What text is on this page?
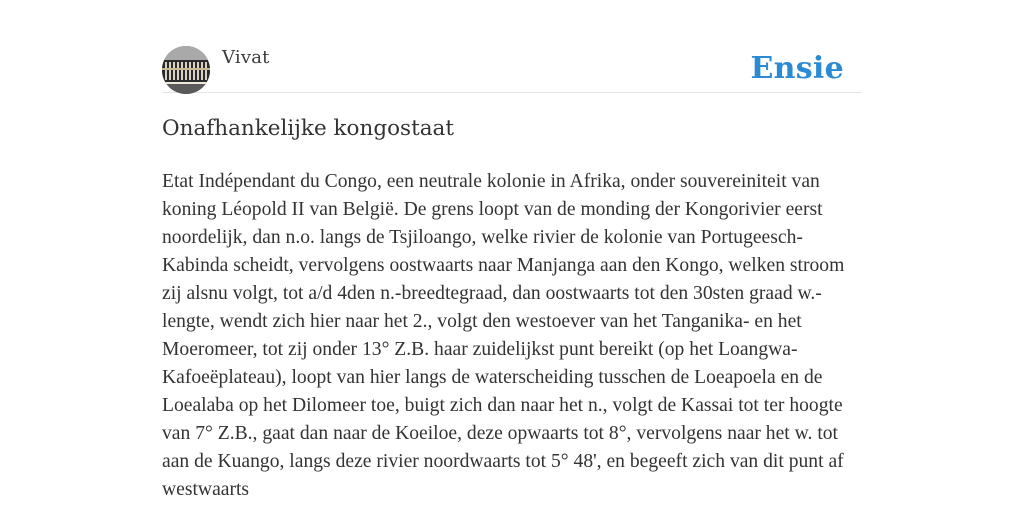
Vivat	Ensie
Onafhankelijke kongostaat

Etat Indépendant du Congo, een neutrale kolonie in Afrika, onder souvereiniteit van koning Léopold II van België. De grens loopt van de monding der Kongorivier eerst noordelijk, dan n.o. langs de Tsjiloango, welke rivier de kolonie van Portugeesch-Kabinda scheidt, vervolgens oostwaarts naar Manjanga aan den Kongo, welken stroom zij alsnu volgt, tot a/d 4den n.-breedtegraad, dan oostwaarts tot den 30sten graad w.-lengte, wendt zich hier naar het 2., volgt den westoever van het Tanganika- en het Moeromeer, tot zij onder 13° Z.B. haar zuidelijkst punt bereikt (op het Loangwa-Kafoeëplateau), loopt van hier langs de waterscheiding tusschen de Loeapoela en de Loealaba op het Dilomeer toe, buigt zich dan naar het n., volgt de Kassai tot ter hoogte van 7° Z.B., gaat dan naar de Koeiloe, deze opwaarts tot 8°, vervolgens naar het w. tot aan de Kuango, langs deze rivier noordwaarts tot 5° 48', en begeeft zich van dit punt af westwaarts
